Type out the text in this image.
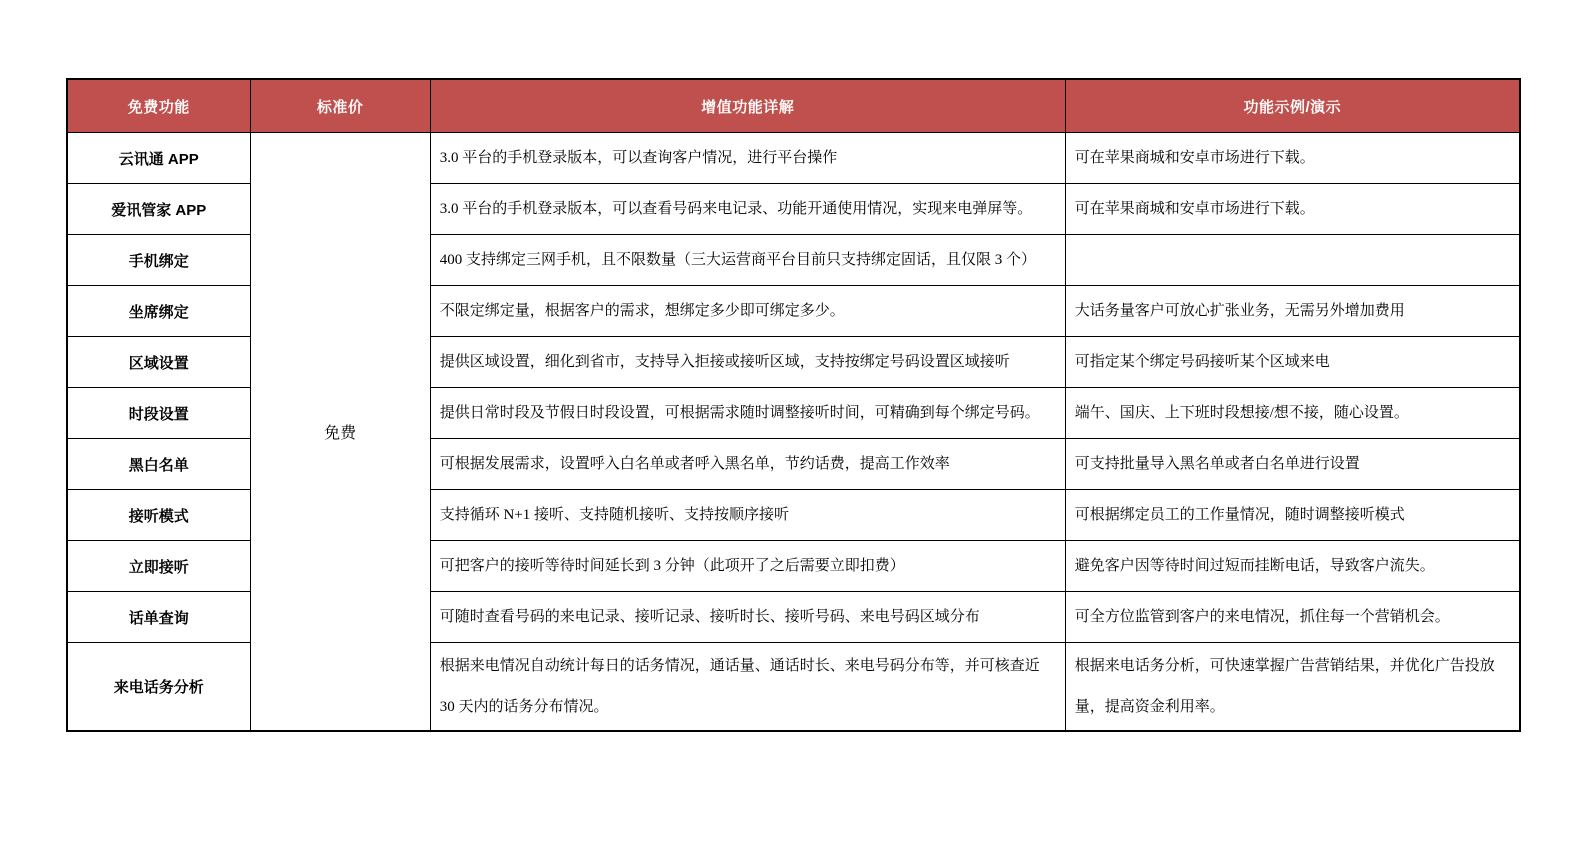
免费功能	标准价	增值功能详解	功能示例/演示
云讯通 APP	免费	3.0 平台的手机登录版本，可以查询客户情况，进行平台操作	可在苹果商城和安卓市场进行下载。
爱讯管家 APP		3.0 平台的手机登录版本，可以查看号码来电记录、功能开通使用情况，实现来电弹屏等。	可在苹果商城和安卓市场进行下载。
手机绑定		400 支持绑定三网手机，且不限数量（三大运营商平台目前只支持绑定固话，且仅限 3 个）	
坐席绑定		不限定绑定量，根据客户的需求，想绑定多少即可绑定多少。	大话务量客户可放心扩张业务，无需另外增加费用
区域设置		提供区域设置，细化到省市，支持导入拒接或接听区域，支持按绑定号码设置区域接听	可指定某个绑定号码接听某个区域来电
时段设置		提供日常时段及节假日时段设置，可根据需求随时调整接听时间，可精确到每个绑定号码。	端午、国庆、上下班时段想接/想不接，随心设置。
黑白名单		可根据发展需求，设置呼入白名单或者呼入黑名单，节约话费，提高工作效率	可支持批量导入黑名单或者白名单进行设置
接听模式		支持循环 N+1 接听、支持随机接听、支持按顺序接听	可根据绑定员工的工作量情况，随时调整接听模式
立即接听		可把客户的接听等待时间延长到 3 分钟（此项开了之后需要立即扣费）	避免客户因等待时间过短而挂断电话，导致客户流失。
话单查询		可随时查看号码的来电记录、接听记录、接听时长、接听号码、来电号码区域分布	可全方位监管到客户的来电情况，抓住每一个营销机会。
来电话务分析		根据来电情况自动统计每日的话务情况，通话量、通话时长、来电号码分布等，并可核查近 30 天内的话务分布情况。	根据来电话务分析，可快速掌握广告营销结果，并优化广告投放量，提高资金利用率。
